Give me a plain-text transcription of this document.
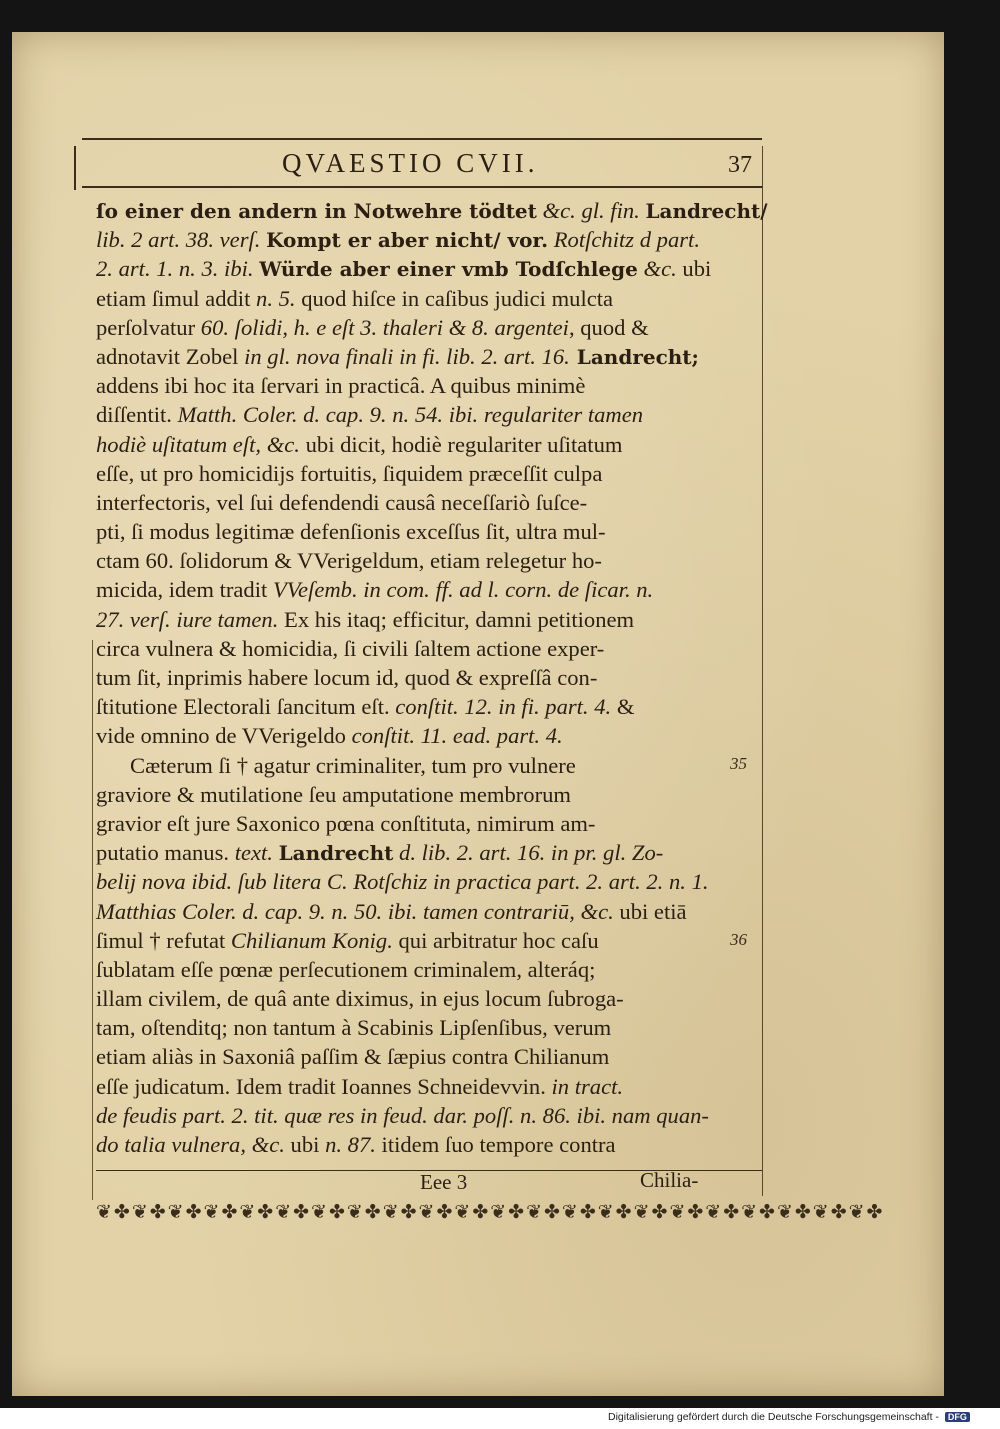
QVAESTIO CVII.	37
ſo einer den andern in Notwehre tödtet &c. gl. fin. Landrecht/
lib. 2 art. 38. verſ. Kompt er aber nicht/ vor. Rotſchitz d part.
2. art. 1. n. 3. ibi. Würde aber einer vmb Todſchlege &c. ubi
etiam ſimul addit n. 5. quod hiſce in caſibus judici mulcta
perſolvatur 60. ſolidi, h. e eſt 3. thaleri & 8. argentei, quod &
adnotavit Zobel in gl. nova finali in fi. lib. 2. art. 16. Landrecht;
addens ibi hoc ita ſervari in practicâ. A quibus minimè
diſſentit. Matth. Coler. d. cap. 9. n. 54. ibi. regulariter tamen
hodiè uſitatum eſt, &c. ubi dicit, hodiè regulariter uſitatum
eſſe, ut pro homicidijs fortuitis, ſiquidem præceſſit culpa
interfectoris, vel ſui defendendi causâ neceſſariò ſuſce-
pti, ſi modus legitimæ defenſionis exceſſus ſit, ultra mul-
ctam 60. ſolidorum & VVerigeldum, etiam relegetur ho-
micida, idem tradit VVeſemb. in com. ff. ad l. corn. de ſicar. n.
27. verſ. iure tamen. Ex his itaq; efficitur, damni petitionem
circa vulnera & homicidia, ſi civili ſaltem actione exper-
tum ſit, inprimis habere locum id, quod & expreſſâ con-
ſtitutione Electorali ſancitum eſt. conſtit. 12. in fi. part. 4. &
vide omnino de VVerigeldo conſtit. 11. ead. part. 4.
Cæterum ſi † agatur criminaliter, tum pro vulnere
graviore & mutilatione ſeu amputatione membrorum
gravior eſt jure Saxonico pœna conſtituta, nimirum am-
putatio manus. text. Landrecht d. lib. 2. art. 16. in pr. gl. Zo-
belij nova ibid. ſub litera C. Rotſchiz in practica part. 2. art. 2. n. 1.
Matthias Coler. d. cap. 9. n. 50. ibi. tamen contrariū, &c. ubi etiā
ſimul † refutat Chilianum Konig. qui arbitratur hoc caſu
ſublatam eſſe pœnæ perſecutionem criminalem, alteráq;
illam civilem, de quâ ante diximus, in ejus locum ſubroga-
tam, oſtenditq; non tantum à Scabinis Lipſenſibus, verum
etiam aliàs in Saxoniâ paſſim & ſæpius contra Chilianum
eſſe judicatum. Idem tradit Ioannes Schneidevvin. in tract.
de feudis part. 2. tit. quæ res in feud. dar. poſſ. n. 86. ibi. nam quan-
do talia vulnera, &c. ubi n. 87. itidem ſuo tempore contra
35
36
Eee 3	Chilia-
❦✤❦✤❦✤❦✤❦✤❦✤❦✤❦✤❦✤❦✤❦✤❦✤❦✤❦✤❦✤❦✤❦✤❦✤❦✤❦✤❦✤❦✤
Digitalisierung gefördert durch die Deutsche Forschungsgemeinschaft - DFG
